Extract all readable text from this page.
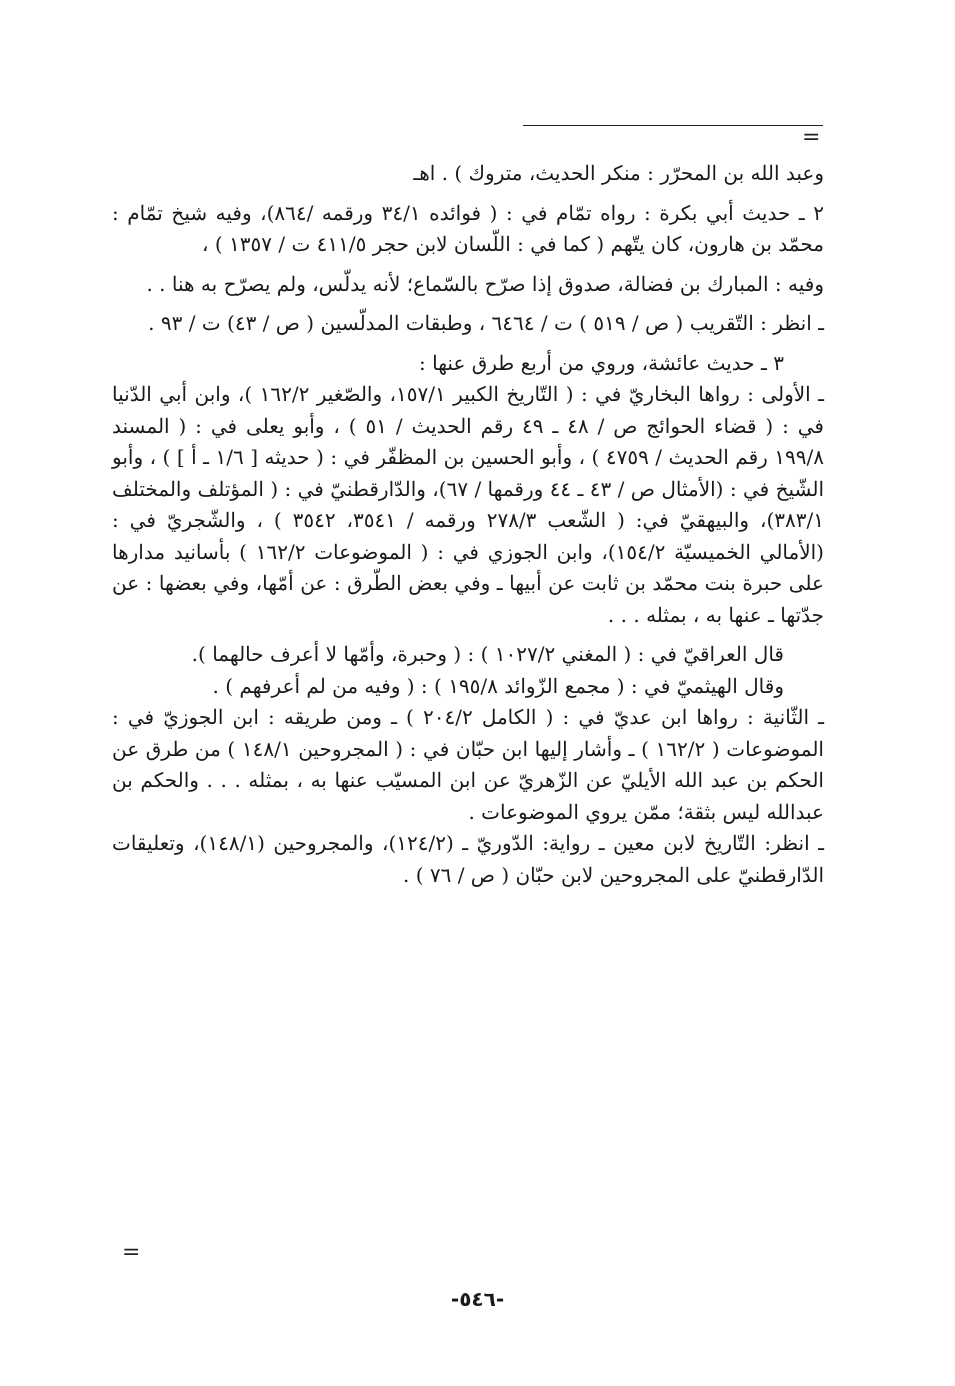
=

وعبد الله بن المحرّر : منكر الحديث، متروك ) . اهـ

٢ ـ حديث أبي بكرة : رواه تمّام في : ( فوائده ٣٤/١ ورقمه /٨٦٤)، وفيه شيخ تمّام : محمّد بن هارون، كان يتّهم ( كما في : اللّسان لابن حجر ٤١١/٥ ت / ١٣٥٧ ) ،

وفيه : المبارك بن فضالة، صدوق إذا صرّح بالسّماع؛ لأنه يدلّس، ولم يصرّح به هنا . .

ـ انظر : التّقريب ( ص / ٥١٩ ) ت / ٦٤٦٤ ، وطبقات المدلّسين ( ص / ٤٣) ت / ٩٣ .

٣ ـ حديث عائشة، وروي من أربع طرق عنها :

ـ الأولى : رواها البخاريّ في : ( التّاريخ الكبير ١٥٧/١، والصّغير ١٦٢/٢ )، وابن أبي الدّنيا في : ( قضاء الحوائج ص / ٤٨ ـ ٤٩ رقم الحديث / ٥١ ) ، وأبو يعلى في : ( المسند ١٩٩/٨ رقم الحديث / ٤٧٥٩ ) ، وأبو الحسين بن المظفّر في : ( حديثه [ ١/٦ ـ أ ] ) ، وأبو الشّيخ في : (الأمثال ص / ٤٣ ـ ٤٤ ورقمها / ٦٧)، والدّارقطنيّ في : ( المؤتلف والمختلف ٣٨٣/١)، والبيهقيّ في: ( الشّعب ٢٧٨/٣ ورقمه / ٣٥٤١، ٣٥٤٢ ) ، والشّجريّ في : (الأمالي الخميسيّة ١٥٤/٢)، وابن الجوزي في : ( الموضوعات ١٦٢/٢ ) بأسانيد مدارها على حبرة بنت محمّد بن ثابت عن أبيها ـ وفي بعض الطّرق : عن أمّها، وفي بعضها : عن جدّتها ـ عنها به ، بمثله . . .

قال العراقيّ في : ( المغني ١٠٢٧/٢ ) : ( وحبرة، وأمّها لا أعرف حالهما ).

وقال الهيثميّ في : ( مجمع الزّوائد ١٩٥/٨ ) : ( وفيه من لم أعرفهم ) .

ـ الثّانية : رواها ابن عديّ في : ( الكامل ٢٠٤/٢ ) ـ ومن طريقه : ابن الجوزيّ في : الموضوعات ( ١٦٢/٢ ) ـ وأشار إليها ابن حبّان في : ( المجروحين ١٤٨/١ ) من طرق عن الحكم بن عبد الله الأيليّ عن الزّهريّ عن ابن المسيّب عنها به ، بمثله . . . والحكم بن عبدالله ليس بثقة؛ ممّن يروي الموضوعات .

ـ انظر: التّاريخ لابن معين ـ رواية: الدّوريّ ـ (١٢٤/٢)، والمجروحين (١٤٨/١)، وتعليقات الدّارقطنيّ على المجروحين لابن حبّان ( ص / ٧٦ ) .

=
-٥٤٦-
